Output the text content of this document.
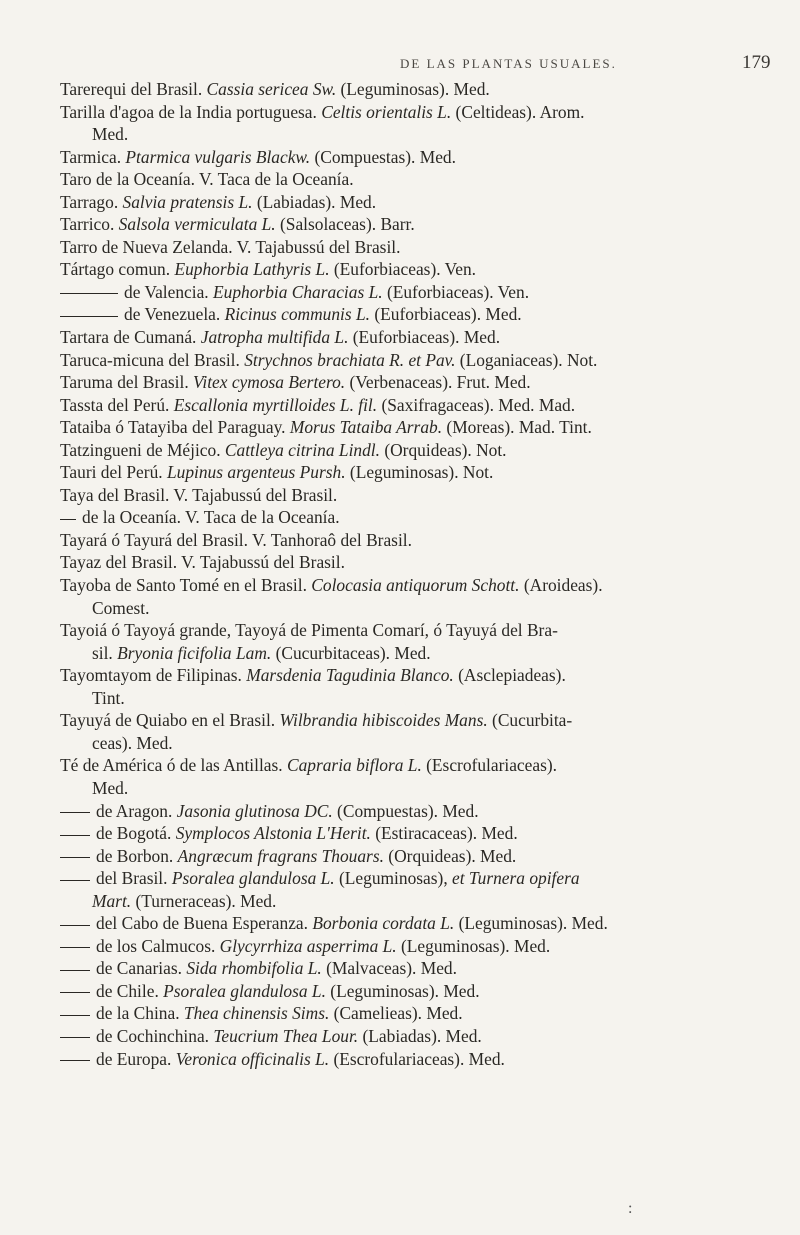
DE LAS PLANTAS USUALES.	179

Tarerequi del Brasil. Cassia sericea Sw. (Leguminosas). Med.

Tarilla d'agoa de la India portuguesa. Celtis orientalis L. (Celtideas). Arom.
Med.

Tarmica. Ptarmica vulgaris Blackw. (Compuestas). Med.

Taro de la Oceanía. V. Taca de la Oceanía.

Tarrago. Salvia pratensis L. (Labiadas). Med.

Tarrico. Salsola vermiculata L. (Salsolaceas). Barr.

Tarro de Nueva Zelanda. V. Tajabussú del Brasil.

Tártago comun. Euphorbia Lathyris L. (Euforbiaceas). Ven.

de Valencia. Euphorbia Characias L. (Euforbiaceas). Ven.

de Venezuela. Ricinus communis L. (Euforbiaceas). Med.

Tartara de Cumaná. Jatropha multifida L. (Euforbiaceas). Med.

Taruca-micuna del Brasil. Strychnos brachiata R. et Pav. (Loganiaceas). Not.

Taruma del Brasil. Vitex cymosa Bertero. (Verbenaceas). Frut. Med.

Tassta del Perú. Escallonia myrtilloides L. fil. (Saxifragaceas). Med. Mad.

Tataiba ó Tatayiba del Paraguay. Morus Tataiba Arrab. (Moreas). Mad. Tint.

Tatzingueni de Méjico. Cattleya citrina Lindl. (Orquideas). Not.

Tauri del Perú. Lupinus argenteus Pursh. (Leguminosas). Not.

Taya del Brasil. V. Tajabussú del Brasil.

de la Oceanía. V. Taca de la Oceanía.

Tayará ó Tayurá del Brasil. V. Tanhoraô del Brasil.

Tayaz del Brasil. V. Tajabussú del Brasil.

Tayoba de Santo Tomé en el Brasil. Colocasia antiquorum Schott. (Aroideas).
Comest.

Tayoiá ó Tayoyá grande, Tayoyá de Pimenta Comarí, ó Tayuyá del Bra-
sil. Bryonia ficifolia Lam. (Cucurbitaceas). Med.

Tayomtayom de Filipinas. Marsdenia Tagudinia Blanco. (Asclepiadeas).
Tint.

Tayuyá de Quiabo en el Brasil. Wilbrandia hibiscoides Mans. (Cucurbita-
ceas). Med.

Té de América ó de las Antillas. Capraria biflora L. (Escrofulariaceas).
Med.

de Aragon. Jasonia glutinosa DC. (Compuestas). Med.

de Bogotá. Symplocos Alstonia L'Herit. (Estiracaceas). Med.

de Borbon. Angræcum fragrans Thouars. (Orquideas). Med.

del Brasil. Psoralea glandulosa L. (Leguminosas), et Turnera opifera
Mart. (Turneraceas). Med.

del Cabo de Buena Esperanza. Borbonia cordata L. (Leguminosas). Med.

de los Calmucos. Glycyrrhiza asperrima L. (Leguminosas). Med.

de Canarias. Sida rhombifolia L. (Malvaceas). Med.

de Chile. Psoralea glandulosa L. (Leguminosas). Med.

de la China. Thea chinensis Sims. (Camelieas). Med.

de Cochinchina. Teucrium Thea Lour. (Labiadas). Med.

de Europa. Veronica officinalis L. (Escrofulariaceas). Med.

:
